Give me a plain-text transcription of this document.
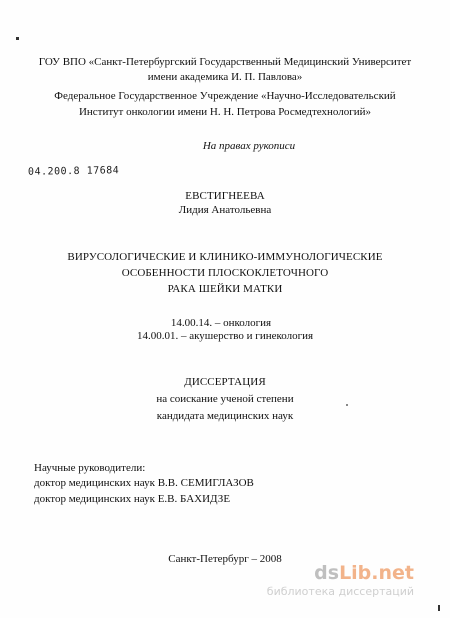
ГОУ ВПО «Санкт-Петербургский Государственный Медицинский Университет
имени академика И. П. Павлова»
Федеральное Государственное Учреждение «Научно-Исследовательский
Институт онкологии имени Н. Н. Петрова Росмедтехнологий»
На правах рукописи
04.200.8 17684
ЕВСТИГНЕЕВА
Лидия Анатольевна
ВИРУСОЛОГИЧЕСКИЕ И КЛИНИКО-ИММУНОЛОГИЧЕСКИЕ
ОСОБЕННОСТИ ПЛОСКОКЛЕТОЧНОГО
РАКА ШЕЙКИ МАТКИ
14.00.14. – онкология
14.00.01. – акушерство и гинекология
ДИССЕРТАЦИЯ
на соискание ученой степени
кандидата медицинских наук
Научные руководители:
доктор медицинских наук В.В. СЕМИГЛАЗОВ
доктор медицинских наук Е.В. БАХИДЗЕ
Санкт-Петербург – 2008
dsLib.net
библиотека диссертаций
